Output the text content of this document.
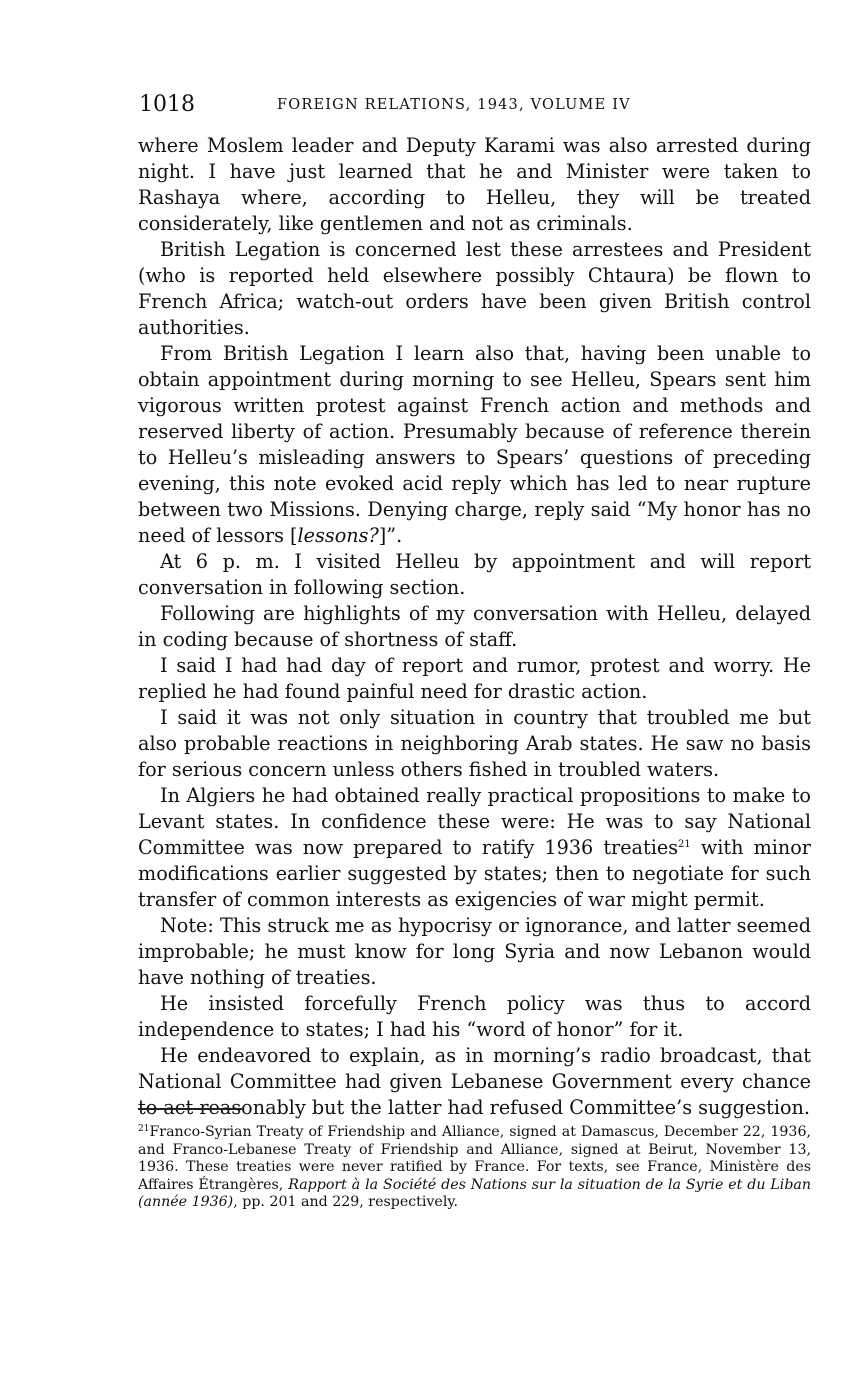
1018	FOREIGN RELATIONS, 1943, VOLUME IV

where Moslem leader and Deputy Karami was also arrested during night. I have just learned that he and Minister were taken to Rashaya where, according to Helleu, they will be treated considerately, like gentlemen and not as criminals.

British Legation is concerned lest these arrestees and President (who is reported held elsewhere possibly Chtaura) be flown to French Africa; watch-out orders have been given British control authorities.

From British Legation I learn also that, having been unable to obtain appointment during morning to see Helleu, Spears sent him vigorous written protest against French action and methods and reserved liberty of action. Presumably because of reference therein to Helleu’s misleading answers to Spears’ questions of preceding evening, this note evoked acid reply which has led to near rupture between two Missions. Denying charge, reply said “My honor has no need of lessors [lessons?]”.

At 6 p. m. I visited Helleu by appointment and will report conversation in following section.

Following are highlights of my conversation with Helleu, delayed in coding because of shortness of staff.

I said I had had day of report and rumor, protest and worry. He replied he had found painful need for drastic action.

I said it was not only situation in country that troubled me but also probable reactions in neighboring Arab states. He saw no basis for serious concern unless others fished in troubled waters.

In Algiers he had obtained really practical propositions to make to Levant states. In confidence these were: He was to say National Committee was now prepared to ratify 1936 treaties$^{21}$ with minor modifications earlier suggested by states; then to negotiate for such transfer of common interests as exigencies of war might permit.

Note: This struck me as hypocrisy or ignorance, and latter seemed improbable; he must know for long Syria and now Lebanon would have nothing of treaties.

He insisted forcefully French policy was thus to accord independence to states; I had his “word of honor” for it.

He endeavored to explain, as in morning’s radio broadcast, that National Committee had given Lebanese Government every chance to act reasonably but the latter had refused Committee’s suggestion.

$^{21}$Franco-Syrian Treaty of Friendship and Alliance, signed at Damascus, December 22, 1936, and Franco-Lebanese Treaty of Friendship and Alliance, signed at Beirut, November 13, 1936. These treaties were never ratified by France. For texts, see France, Ministère des Affaires Étrangères, Rapport à la Société des Nations sur la situation de la Syrie et du Liban (année 1936), pp. 201 and 229, respectively.
